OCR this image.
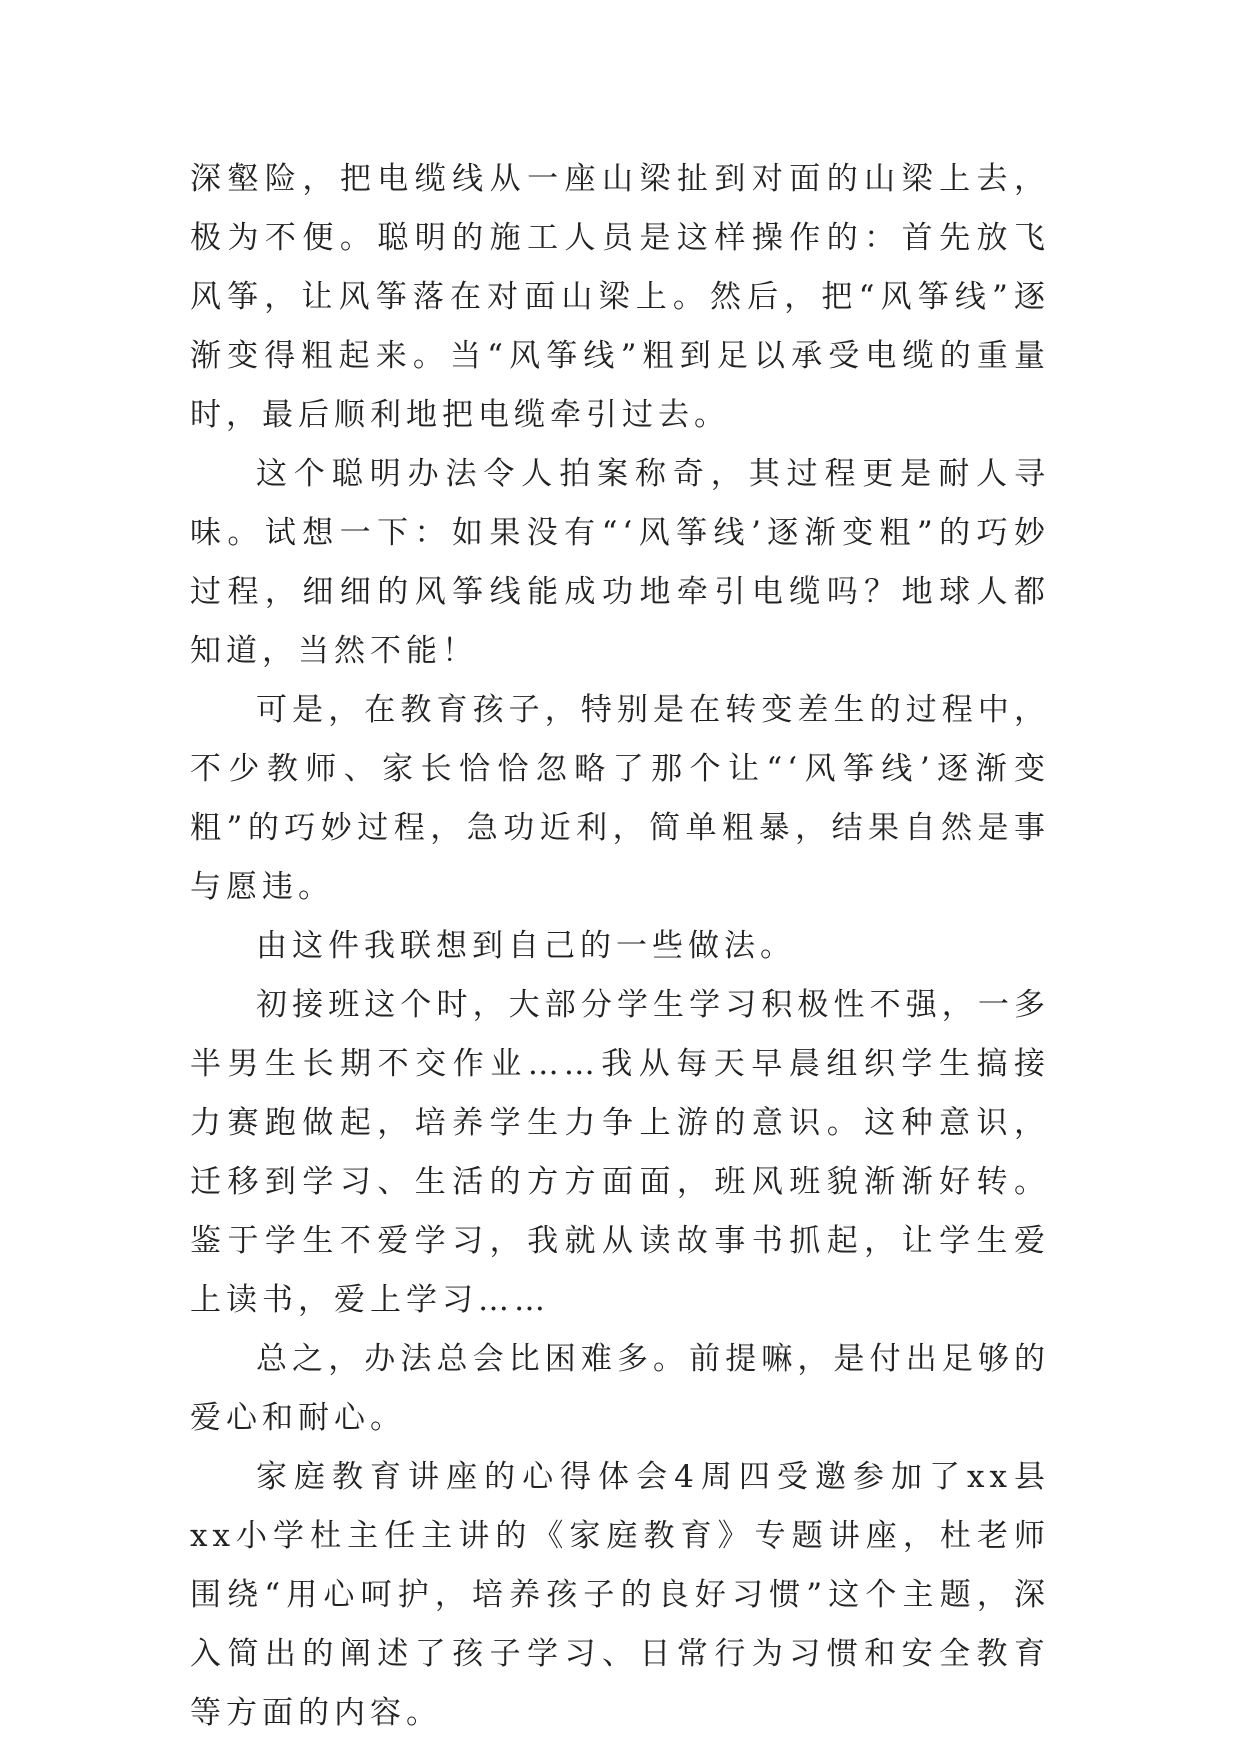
深壑险，把电缆线从一座山梁扯到对面的山梁上去，极为不便。聪明的施工人员是这样操作的：首先放飞风筝，让风筝落在对面山梁上。然后，把“风筝线”逐渐变得粗起来。当“风筝线”粗到足以承受电缆的重量时，最后顺利地把电缆牵引过去。

这个聪明办法令人拍案称奇，其过程更是耐人寻味。试想一下：如果没有“‘风筝线’逐渐变粗”的巧妙过程，细细的风筝线能成功地牵引电缆吗？地球人都知道，当然不能！

可是，在教育孩子，特别是在转变差生的过程中，不少教师、家长恰恰忽略了那个让“‘风筝线’逐渐变粗”的巧妙过程，急功近利，简单粗暴，结果自然是事与愿违。

由这件我联想到自己的一些做法。

初接班这个时，大部分学生学习积极性不强，一多半男生长期不交作业……我从每天早晨组织学生搞接力赛跑做起，培养学生力争上游的意识。这种意识，迁移到学习、生活的方方面面，班风班貌渐渐好转。鉴于学生不爱学习，我就从读故事书抓起，让学生爱上读书，爱上学习……

总之，办法总会比困难多。前提嘛，是付出足够的爱心和耐心。

家庭教育讲座的心得体会4周四受邀参加了xx县xx小学杜主任主讲的《家庭教育》专题讲座，杜老师围绕“用心呵护，培养孩子的良好习惯”这个主题，深入简出的阐述了孩子学习、日常行为习惯和安全教育等方面的内容。
